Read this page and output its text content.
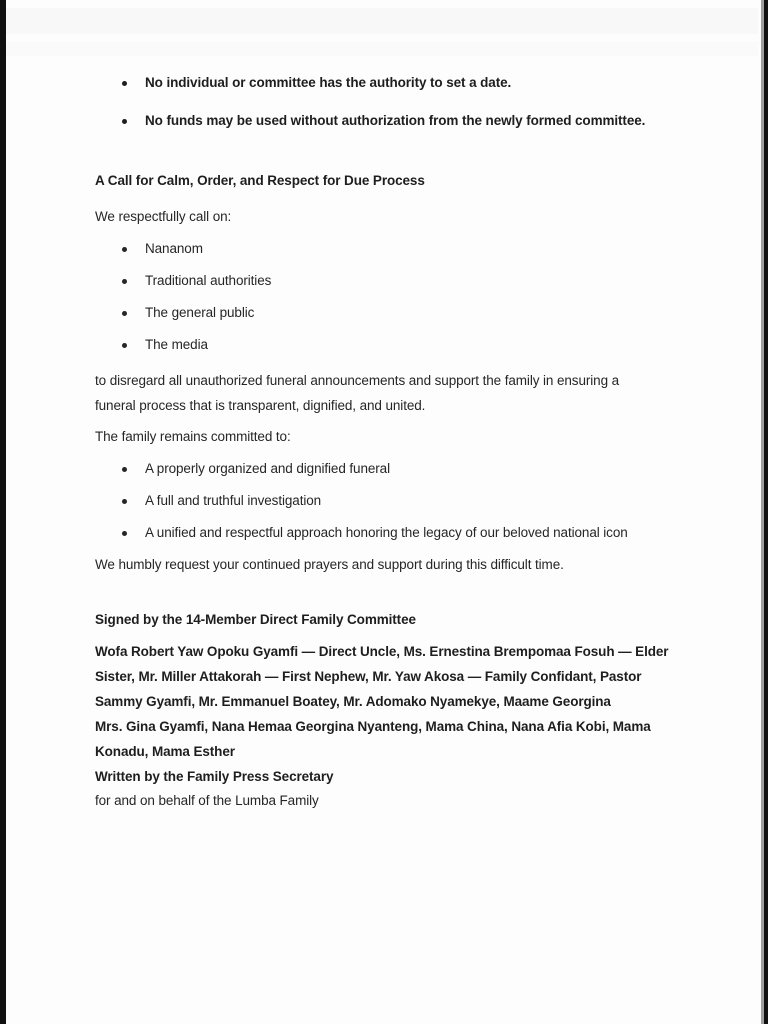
No individual or committee has the authority to set a date.
No funds may be used without authorization from the newly formed committee.

A Call for Calm, Order, and Respect for Due Process

We respectfully call on:

Nananom
Traditional authorities
The general public
The media

to disregard all unauthorized funeral announcements and support the family in ensuring a
funeral process that is transparent, dignified, and united.

The family remains committed to:

A properly organized and dignified funeral
A full and truthful investigation
A unified and respectful approach honoring the legacy of our beloved national icon

We humbly request your continued prayers and support during this difficult time.

Signed by the 14-Member Direct Family Committee

Wofa Robert Yaw Opoku Gyamfi — Direct Uncle, Ms. Ernestina Brempomaa Fosuh — Elder
Sister, Mr. Miller Attakorah — First Nephew, Mr. Yaw Akosa — Family Confidant, Pastor
Sammy Gyamfi, Mr. Emmanuel Boatey, Mr. Adomako Nyamekye, Maame Georgina
Mrs. Gina Gyamfi, Nana Hemaa Georgina Nyanteng, Mama China, Nana Afia Kobi, Mama
Konadu, Mama Esther

Written by the Family Press Secretary

for and on behalf of the Lumba Family
